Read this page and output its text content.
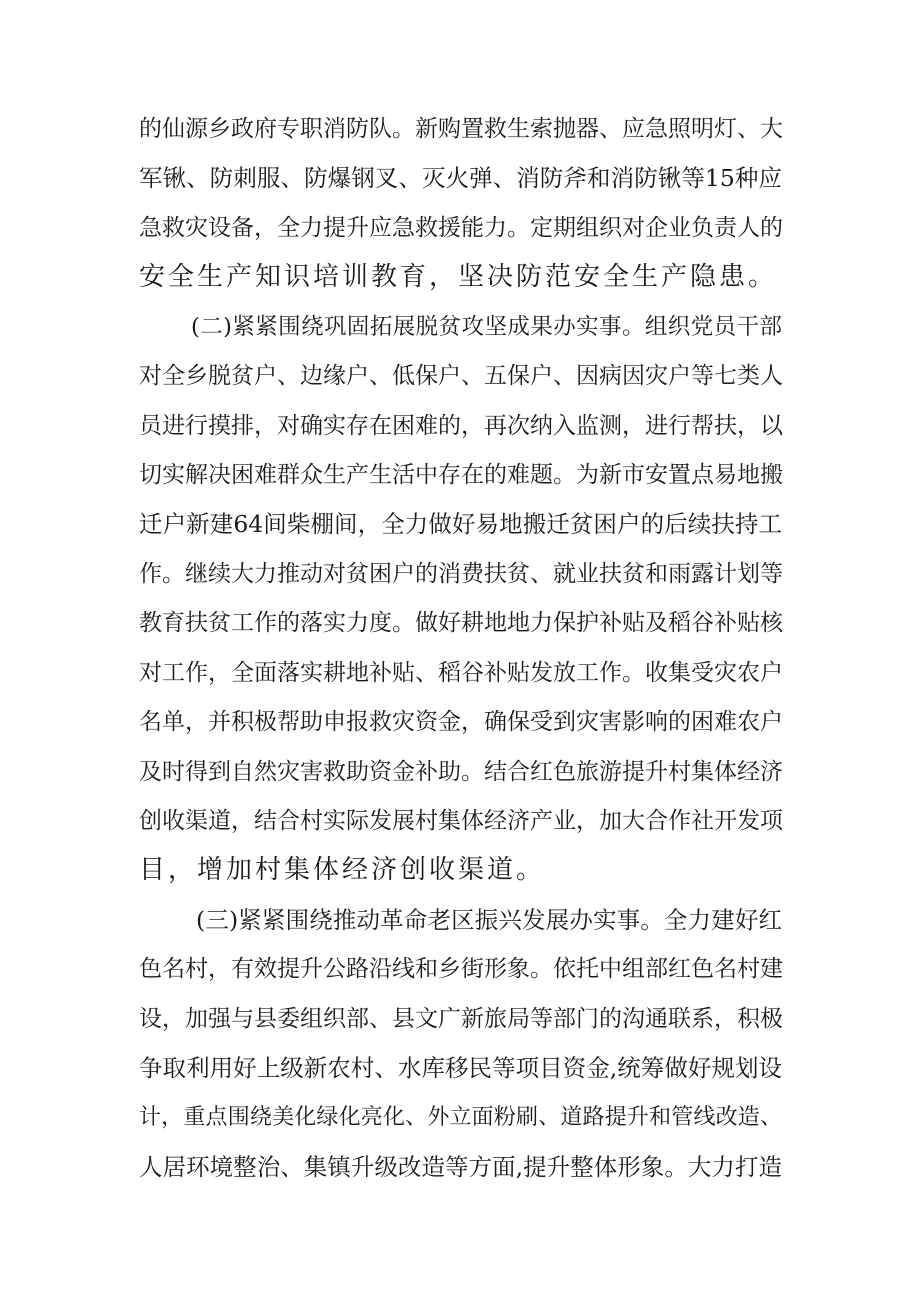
的仙源乡政府专职消防队。新购置救生索抛器、应急照明灯、大
军锹、防刺服、防爆钢叉、灭火弹、消防斧和消防锹等15种应
急救灾设备，全力提升应急救援能力。定期组织对企业负责人的
安全生产知识培训教育，坚决防范安全生产隐患。
(二)紧紧围绕巩固拓展脱贫攻坚成果办实事。组织党员干部
对全乡脱贫户、边缘户、低保户、五保户、因病因灾户等七类人
员进行摸排，对确实存在困难的，再次纳入监测，进行帮扶，以
切实解决困难群众生产生活中存在的难题。为新市安置点易地搬
迁户新建64间柴棚间，全力做好易地搬迁贫困户的后续扶持工
作。继续大力推动对贫困户的消费扶贫、就业扶贫和雨露计划等
教育扶贫工作的落实力度。做好耕地地力保护补贴及稻谷补贴核
对工作，全面落实耕地补贴、稻谷补贴发放工作。收集受灾农户
名单，并积极帮助申报救灾资金，确保受到灾害影响的困难农户
及时得到自然灾害救助资金补助。结合红色旅游提升村集体经济
创收渠道，结合村实际发展村集体经济产业，加大合作社开发项
目，增加村集体经济创收渠道。
(三)紧紧围绕推动革命老区振兴发展办实事。全力建好红
色名村，有效提升公路沿线和乡街形象。依托中组部红色名村建
设，加强与县委组织部、县文广新旅局等部门的沟通联系，积极
争取利用好上级新农村、水库移民等项目资金,统筹做好规划设
计，重点围绕美化绿化亮化、外立面粉刷、道路提升和管线改造、
人居环境整治、集镇升级改造等方面,提升整体形象。大力打造
